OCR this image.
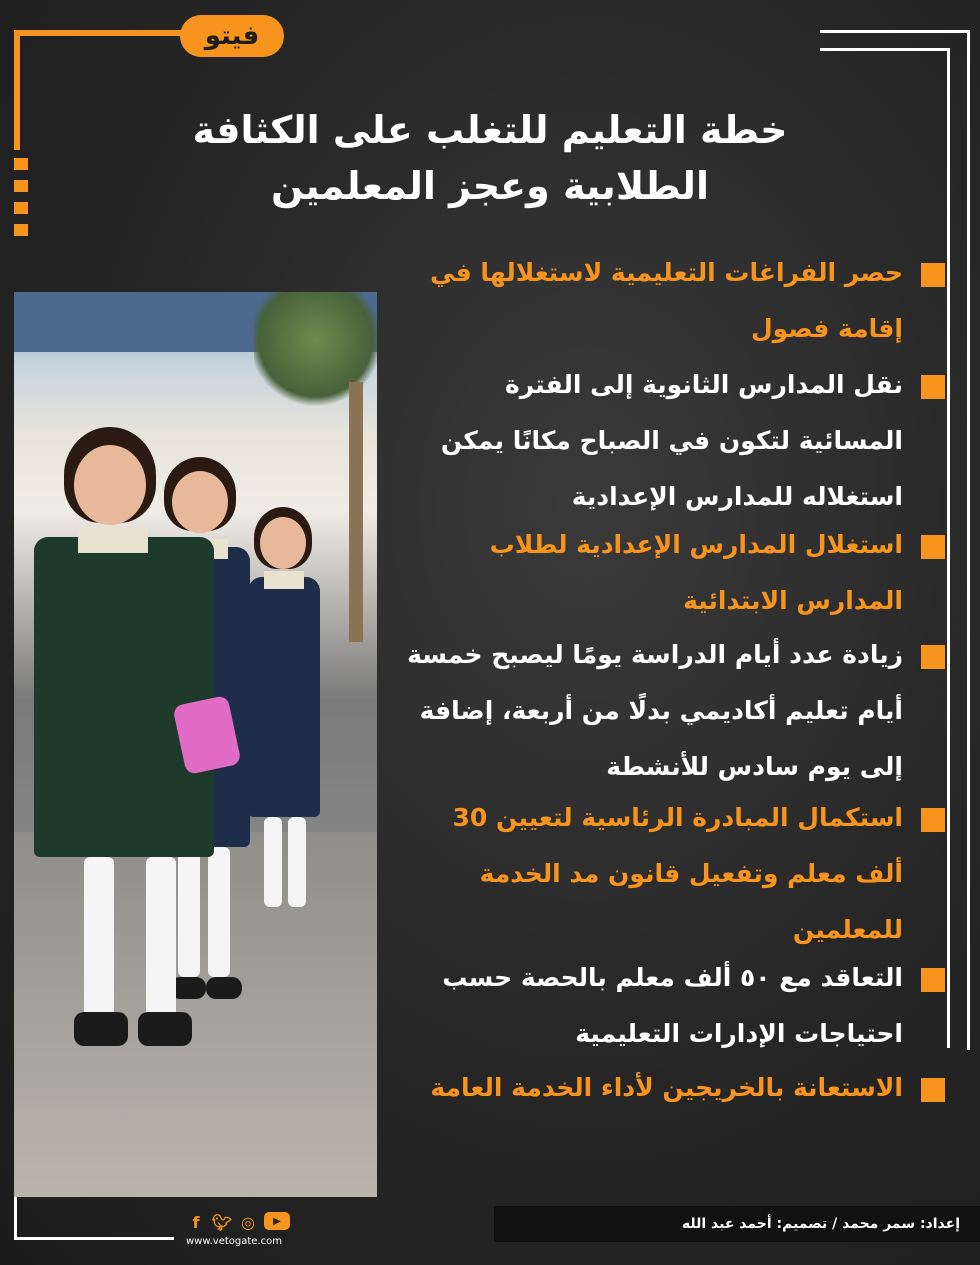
فيتو
خطة التعليم للتغلب على الكثافة
الطلابية وعجز المعلمين
حصر الفراغات التعليمية لاستغلالها في إقامة فصول
نقل المدارس الثانوية إلى الفترة المسائية لتكون في الصباح مكانًا يمكن استغلاله للمدارس الإعدادية
استغلال المدارس الإعدادية لطلاب المدارس الابتدائية
زيادة عدد أيام الدراسة يومًا ليصبح خمسة أيام تعليم أكاديمي بدلًا من أربعة، إضافة إلى يوم سادس للأنشطة
استكمال المبادرة الرئاسية لتعيين 30 ألف معلم وتفعيل قانون مد الخدمة للمعلمين
التعاقد مع ٥٠ ألف معلم بالحصة حسب احتياجات الإدارات التعليمية
الاستعانة بالخريجين لأداء الخدمة العامة
f 🐦︎ ◎	▶
www.vetogate.com
إعداد: سمر محمد / تصميم: أحمد عبد الله
